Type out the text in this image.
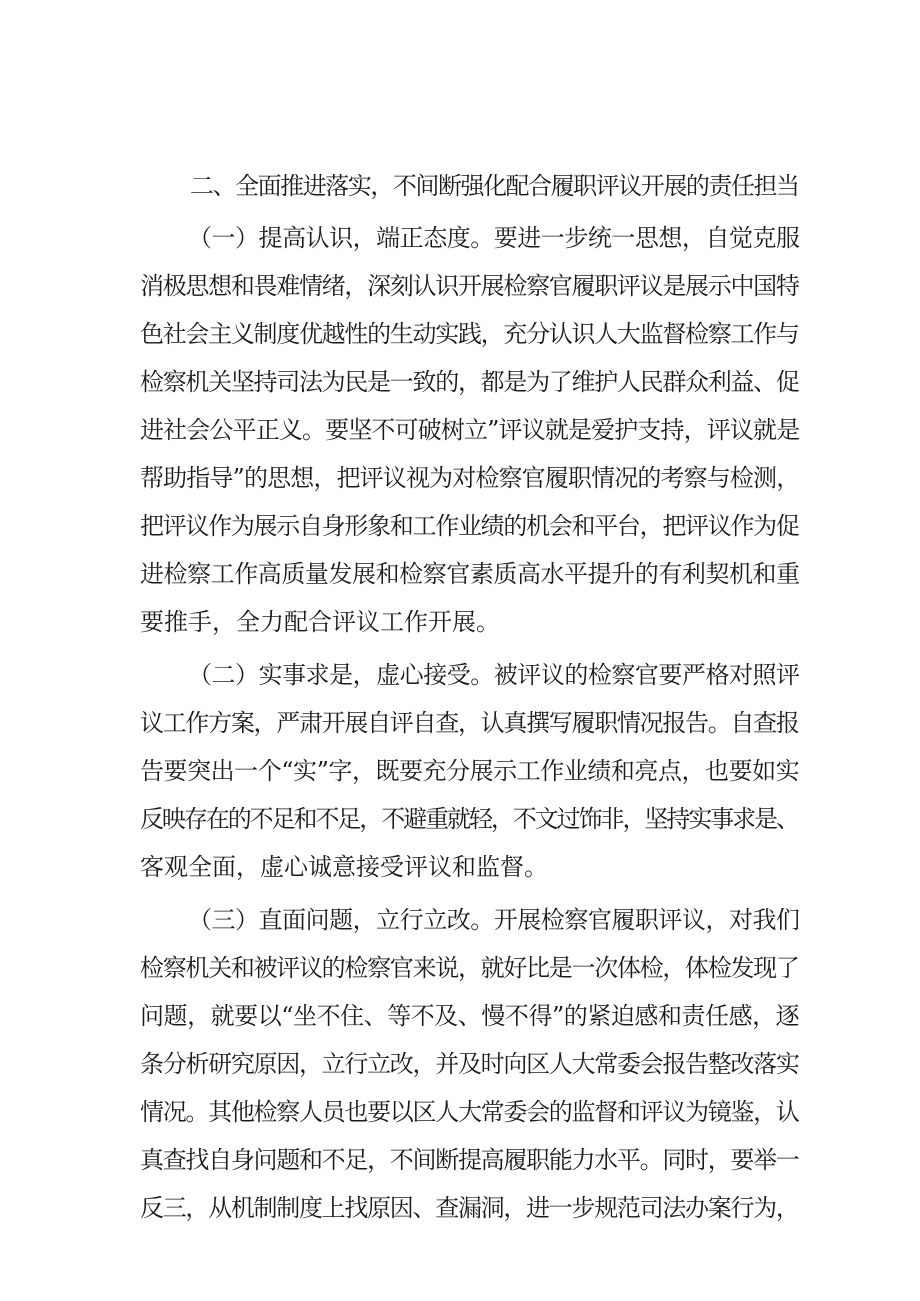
二、全面推进落实，不间断强化配合履职评议开展的责任担当
（一）提高认识，端正态度。要进一步统一思想，自觉克服
消极思想和畏难情绪，深刻认识开展检察官履职评议是展示中国特
色社会主义制度优越性的生动实践，充分认识人大监督检察工作与
检察机关坚持司法为民是一致的，都是为了维护人民群众利益、促
进社会公平正义。要坚不可破树立”评议就是爱护支持，评议就是
帮助指导”的思想，把评议视为对检察官履职情况的考察与检测，
把评议作为展示自身形象和工作业绩的机会和平台，把评议作为促
进检察工作高质量发展和检察官素质高水平提升的有利契机和重
要推手，全力配合评议工作开展。
（二）实事求是，虚心接受。被评议的检察官要严格对照评
议工作方案，严肃开展自评自查，认真撰写履职情况报告。自查报
告要突出一个“实”字，既要充分展示工作业绩和亮点，也要如实
反映存在的不足和不足，不避重就轻，不文过饰非，坚持实事求是、
客观全面，虚心诚意接受评议和监督。
（三）直面问题，立行立改。开展检察官履职评议，对我们
检察机关和被评议的检察官来说，就好比是一次体检，体检发现了
问题，就要以“坐不住、等不及、慢不得”的紧迫感和责任感，逐
条分析研究原因，立行立改，并及时向区人大常委会报告整改落实
情况。其他检察人员也要以区人大常委会的监督和评议为镜鉴，认
真查找自身问题和不足，不间断提高履职能力水平。同时，要举一
反三，从机制制度上找原因、查漏洞，进一步规范司法办案行为，
